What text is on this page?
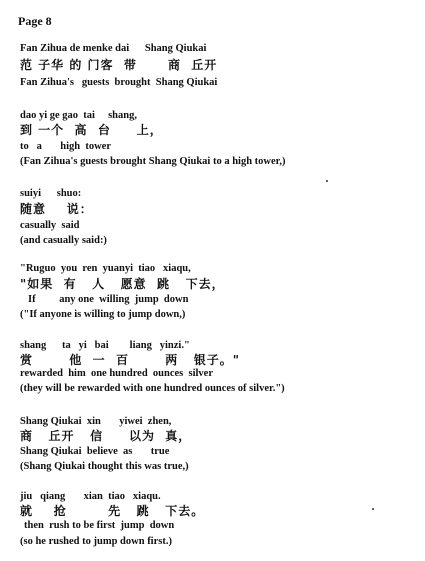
Page 8
Fan Zihua de menke dai      Shang Qiukai
范 子华 的 门客  带      商  丘开
Fan Zihua's   guests  brought  Shang Qiukai
dao yi ge gao  tai     shang,
到 一个  高  台     上，
to   a       high  tower
(Fan Zihua's guests brought Shang Qiukai to a high tower,)
suiyi      shuo:
随意    说：
casually  said
(and casually said:)
"Ruguo  you  ren  yuanyi  tiao   xiaqu,
"如果  有   人   愿意  跳   下去，
If         any one  willing  jump  down
("If anyone is willing to jump down,)
shang      ta   yi   bai        liang   yinzi."
赏       他  一  百       两   银子。"
rewarded  him  one hundred  ounces  silver
(they will be rewarded with one hundred ounces of silver.")
Shang Qiukai  xin       yiwei  zhen,
商   丘开   信     以为  真，
Shang Qiukai  believe  as       true
(Shang Qiukai thought this was true,)
jiu   qiang       xian  tiao   xiaqu.
就    抢        先   跳   下去。
then  rush to be first  jump  down
(so he rushed to jump down first.)
